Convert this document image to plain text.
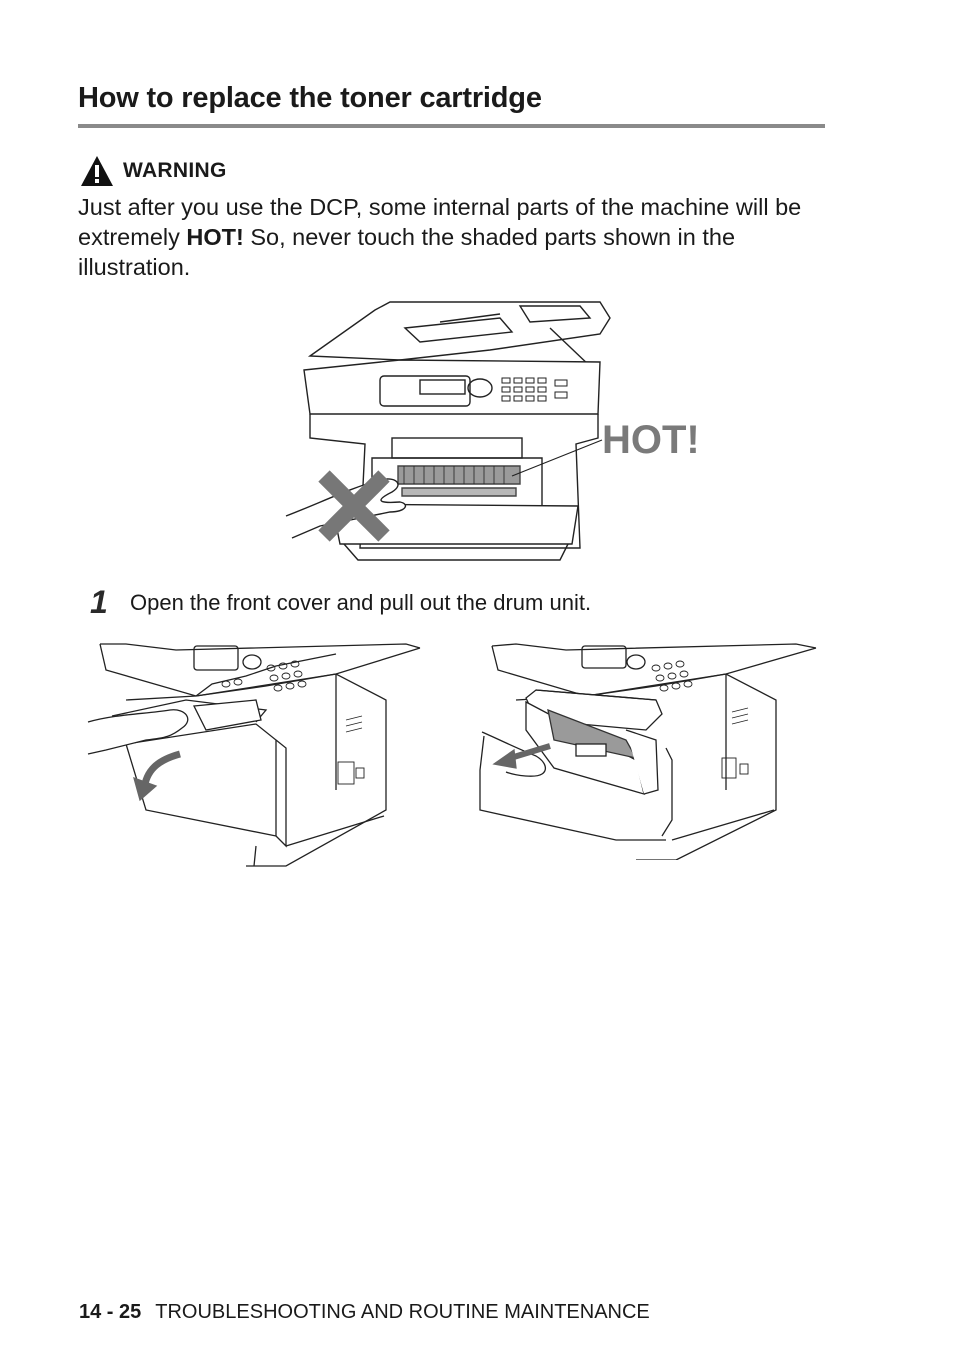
How to replace the toner cartridge
WARNING

Just after you use the DCP, some internal parts of the machine will be extremely HOT! So, never touch the shaded parts shown in the illustration.

HOT!
1	Open the front cover and pull out the drum unit.
14 - 25 TROUBLESHOOTING AND ROUTINE MAINTENANCE
